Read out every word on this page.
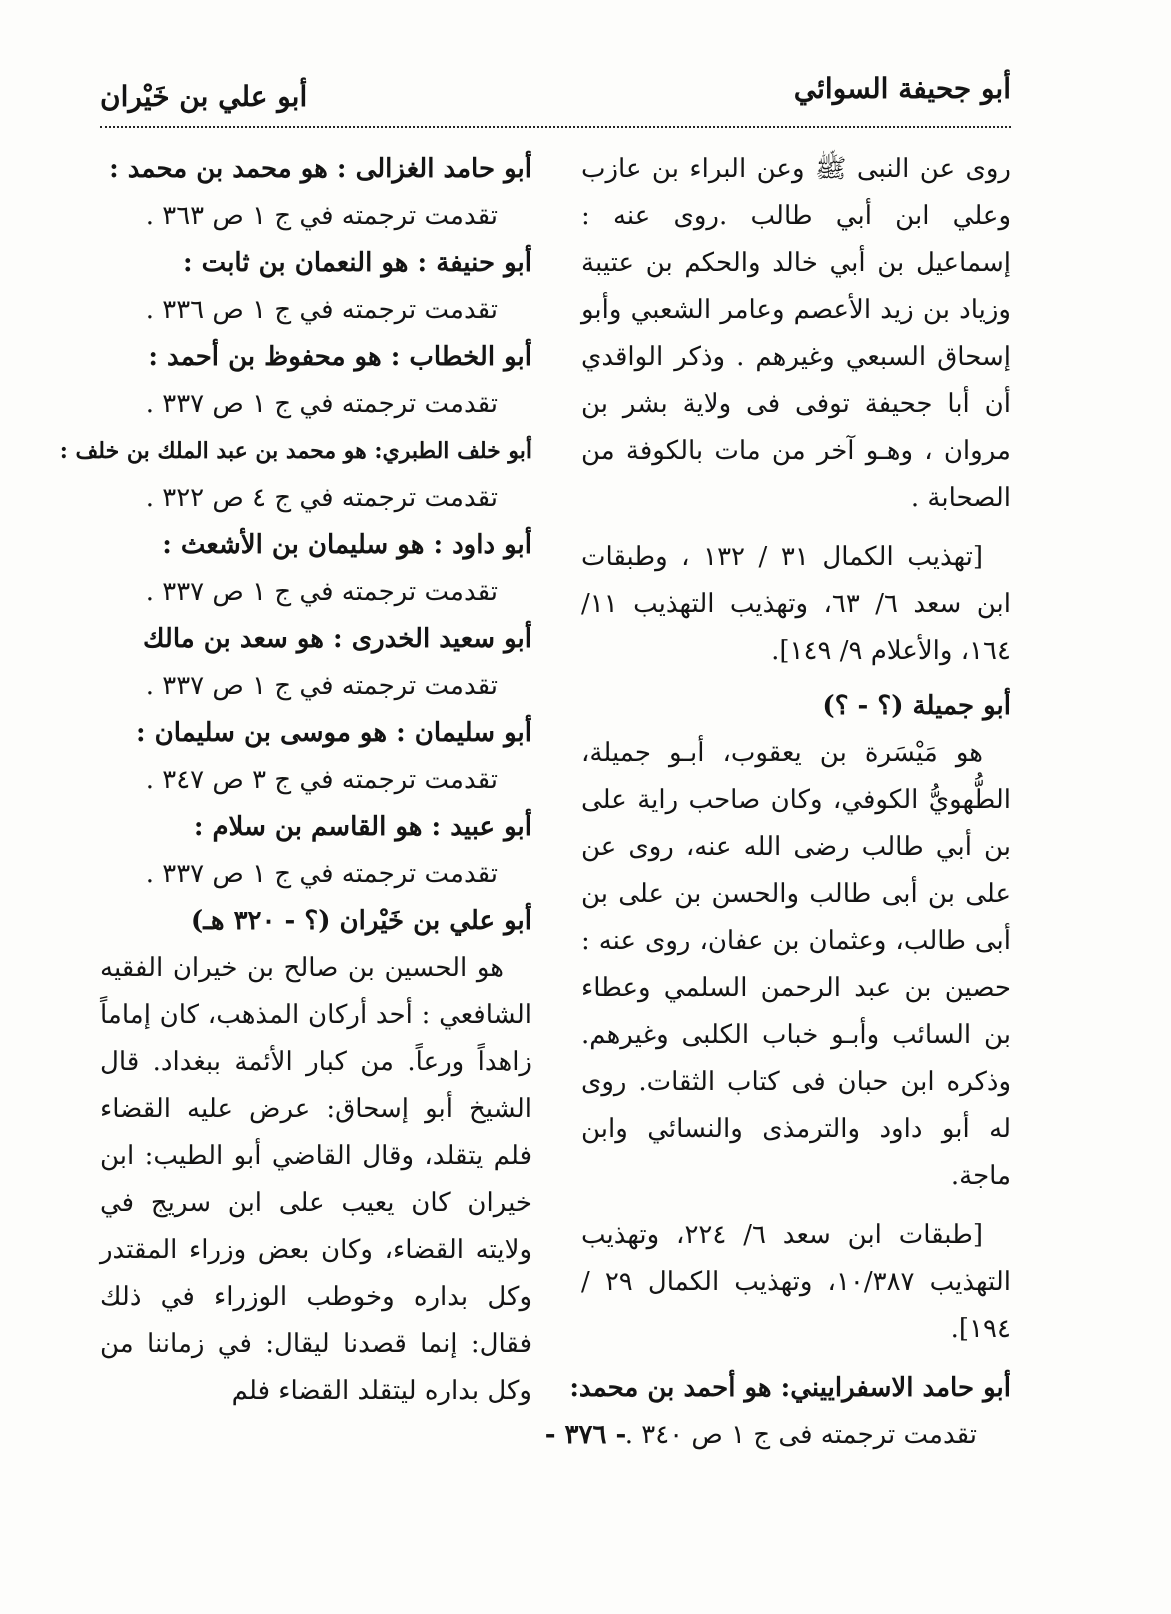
أبو جحيفة السوائي
أبو علي بن خَيْران

روى عن النبى ﷺ وعن البراء بن عازب وعلي ابن أبي طالب .روى عنه : إسماعيل بن أبي خالد والحكم بن عتيبة وزياد بن زيد الأعصم وعامر الشعبي وأبو إسحاق السبعي وغيرهم . وذكر الواقدي أن أبا جحيفة توفى فى ولاية بشر بن مروان ، وهـو آخر من مات بالكوفة من الصحابة .

[تهذيب الكمال ٣١ / ١٣٢ ، وطبقات ابن سعد ٦/ ٦٣، وتهذيب التهذيب ١١/ ١٦٤، والأعلام ٩/ ١٤٩].

أبو جميلة (؟ - ؟)

هو مَيْسَرة بن يعقوب، أبـو جميلة، الطُّهويُّ الكوفي، وكان صاحب راية على بن أبي طالب رضى الله عنه، روى عن على بن أبى طالب والحسن بن على بن أبى طالب، وعثمان بن عفان، روى عنه : حصين بن عبد الرحمن السلمي وعطاء بن السائب وأبـو خباب الكلبى وغيرهم. وذكره ابن حبان فى كتاب الثقات. روى له أبو داود والترمذى والنسائي وابن ماجة.

[طبقات ابن سعد ٦/ ٢٢٤، وتهذيب التهذيب ١٠/٣٨٧، وتهذيب الكمال ٢٩ / ١٩٤].

أبو حامد الاسفراييني: هو أحمد بن محمد:

تقدمت ترجمته فى ج ١ ص ٣٤٠ .

أبو حامد الغزالى : هو محمد بن محمد :

تقدمت ترجمته في ج ١ ص ٣٦٣ .

أبو حنيفة : هو النعمان بن ثابت :

تقدمت ترجمته في ج ١ ص ٣٣٦ .

أبو الخطاب : هو محفوظ بن أحمد :

تقدمت ترجمته في ج ١ ص ٣٣٧ .

أبو خلف الطبري: هو محمد بن عبد الملك بن خلف :

تقدمت ترجمته في ج ٤ ص ٣٢٢ .

أبو داود : هو سليمان بن الأشعث :

تقدمت ترجمته في ج ١ ص ٣٣٧ .

أبو سعيد الخدرى : هو سعد بن مالك

تقدمت ترجمته في ج ١ ص ٣٣٧ .

أبو سليمان : هو موسى بن سليمان :

تقدمت ترجمته في ج ٣ ص ٣٤٧ .

أبو عبيد : هو القاسم بن سلام :

تقدمت ترجمته في ج ١ ص ٣٣٧ .

أبو علي بن خَيْران (؟ - ٣٢٠ هـ)

هو الحسين بن صالح بن خيران الفقيه الشافعي : أحد أركان المذهب، كان إماماً زاهداً ورعاً. من كبار الأئمة ببغداد. قال الشيخ أبو إسحاق: عرض عليه القضاء فلم يتقلد، وقال القاضي أبو الطيب: ابن خيران كان يعيب على ابن سريج في ولايته القضاء، وكان بعض وزراء المقتدر وكل بداره وخوطب الوزراء في ذلك فقال: إنما قصدنا ليقال: في زماننا من وكل بداره ليتقلد القضاء فلم

- ٣٧٦ -
